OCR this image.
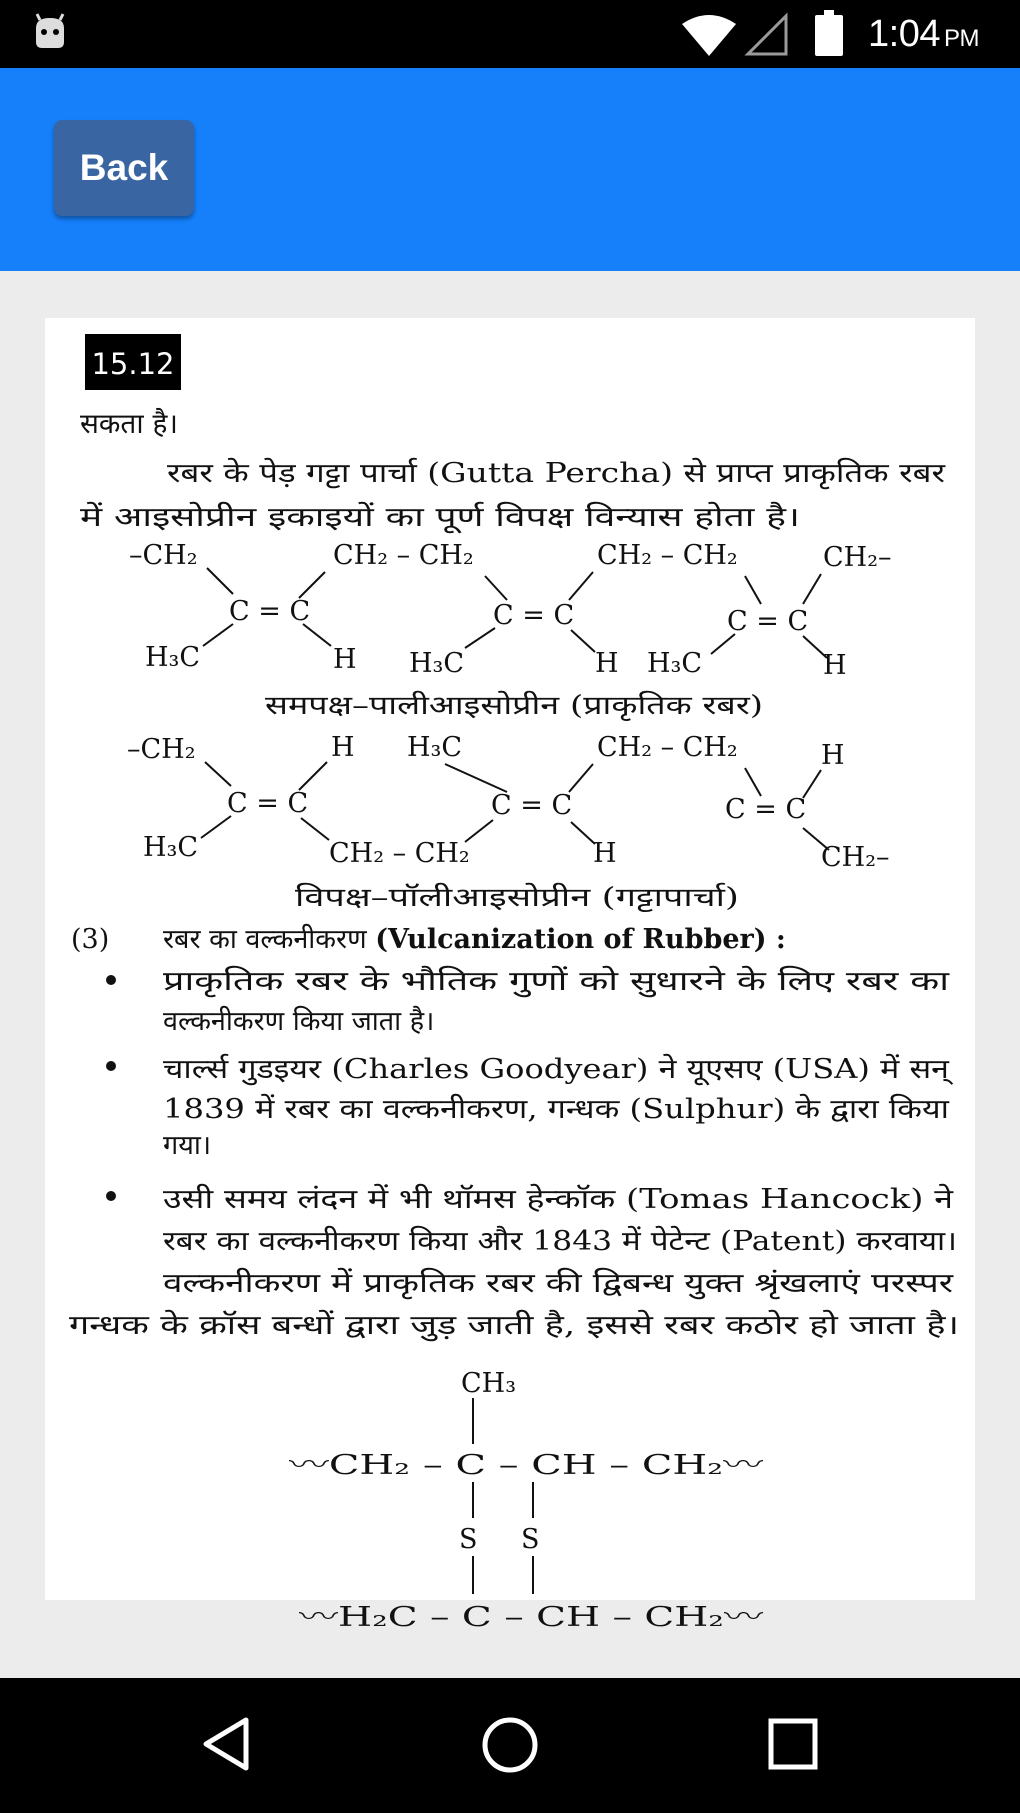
1:04 PM
Back
15.12
सकता है।
रबर के पेड़ गट्टा पार्चा (Gutta Percha) से प्राप्त प्राकृतिक रबर
में आइसोप्रीन इकाइयों का पूर्ण विपक्ष विन्यास होता है।
–CH₂
H₃C
C = C
CH₂ – CH₂
H H₃C
C = C
CH₂ – CH₂
H H₃C
C = C
CH₂–
H
समपक्ष–पालीआइसोप्रीन (प्राकृतिक रबर)
–CH₂
H₃C
C = C
H
CH₂ – CH₂
H₃C
C = C
CH₂ – CH₂
H
C = C
H
CH₂–
विपक्ष–पॉलीआइसोप्रीन (गट्टापार्चा)
(3) रबर का वल्कनीकरण (Vulcanization of Rubber) :
प्राकृतिक रबर के भौतिक गुणों को सुधारने के लिए रबर का
वल्कनीकरण किया जाता है।
चार्ल्स गुडइयर (Charles Goodyear) ने यूएसए (USA) में सन्
1839 में रबर का वल्कनीकरण, गन्धक (Sulphur) के द्वारा किया
गया।
उसी समय लंदन में भी थॉमस हेन्कॉक (Tomas Hancock) ने
रबर का वल्कनीकरण किया और 1843 में पेटेन्ट (Patent) करवाया।
वल्कनीकरण में प्राकृतिक रबर की द्विबन्ध युक्त श्रृंखलाएं परस्पर
गन्धक के क्रॉस बन्धों द्वारा जुड़ जाती है, इससे रबर कठोर हो जाता है।
CH₃
〰CH₂ – C – CH – CH₂〰
S S
〰H₂C – C – CH – CH₂〰
